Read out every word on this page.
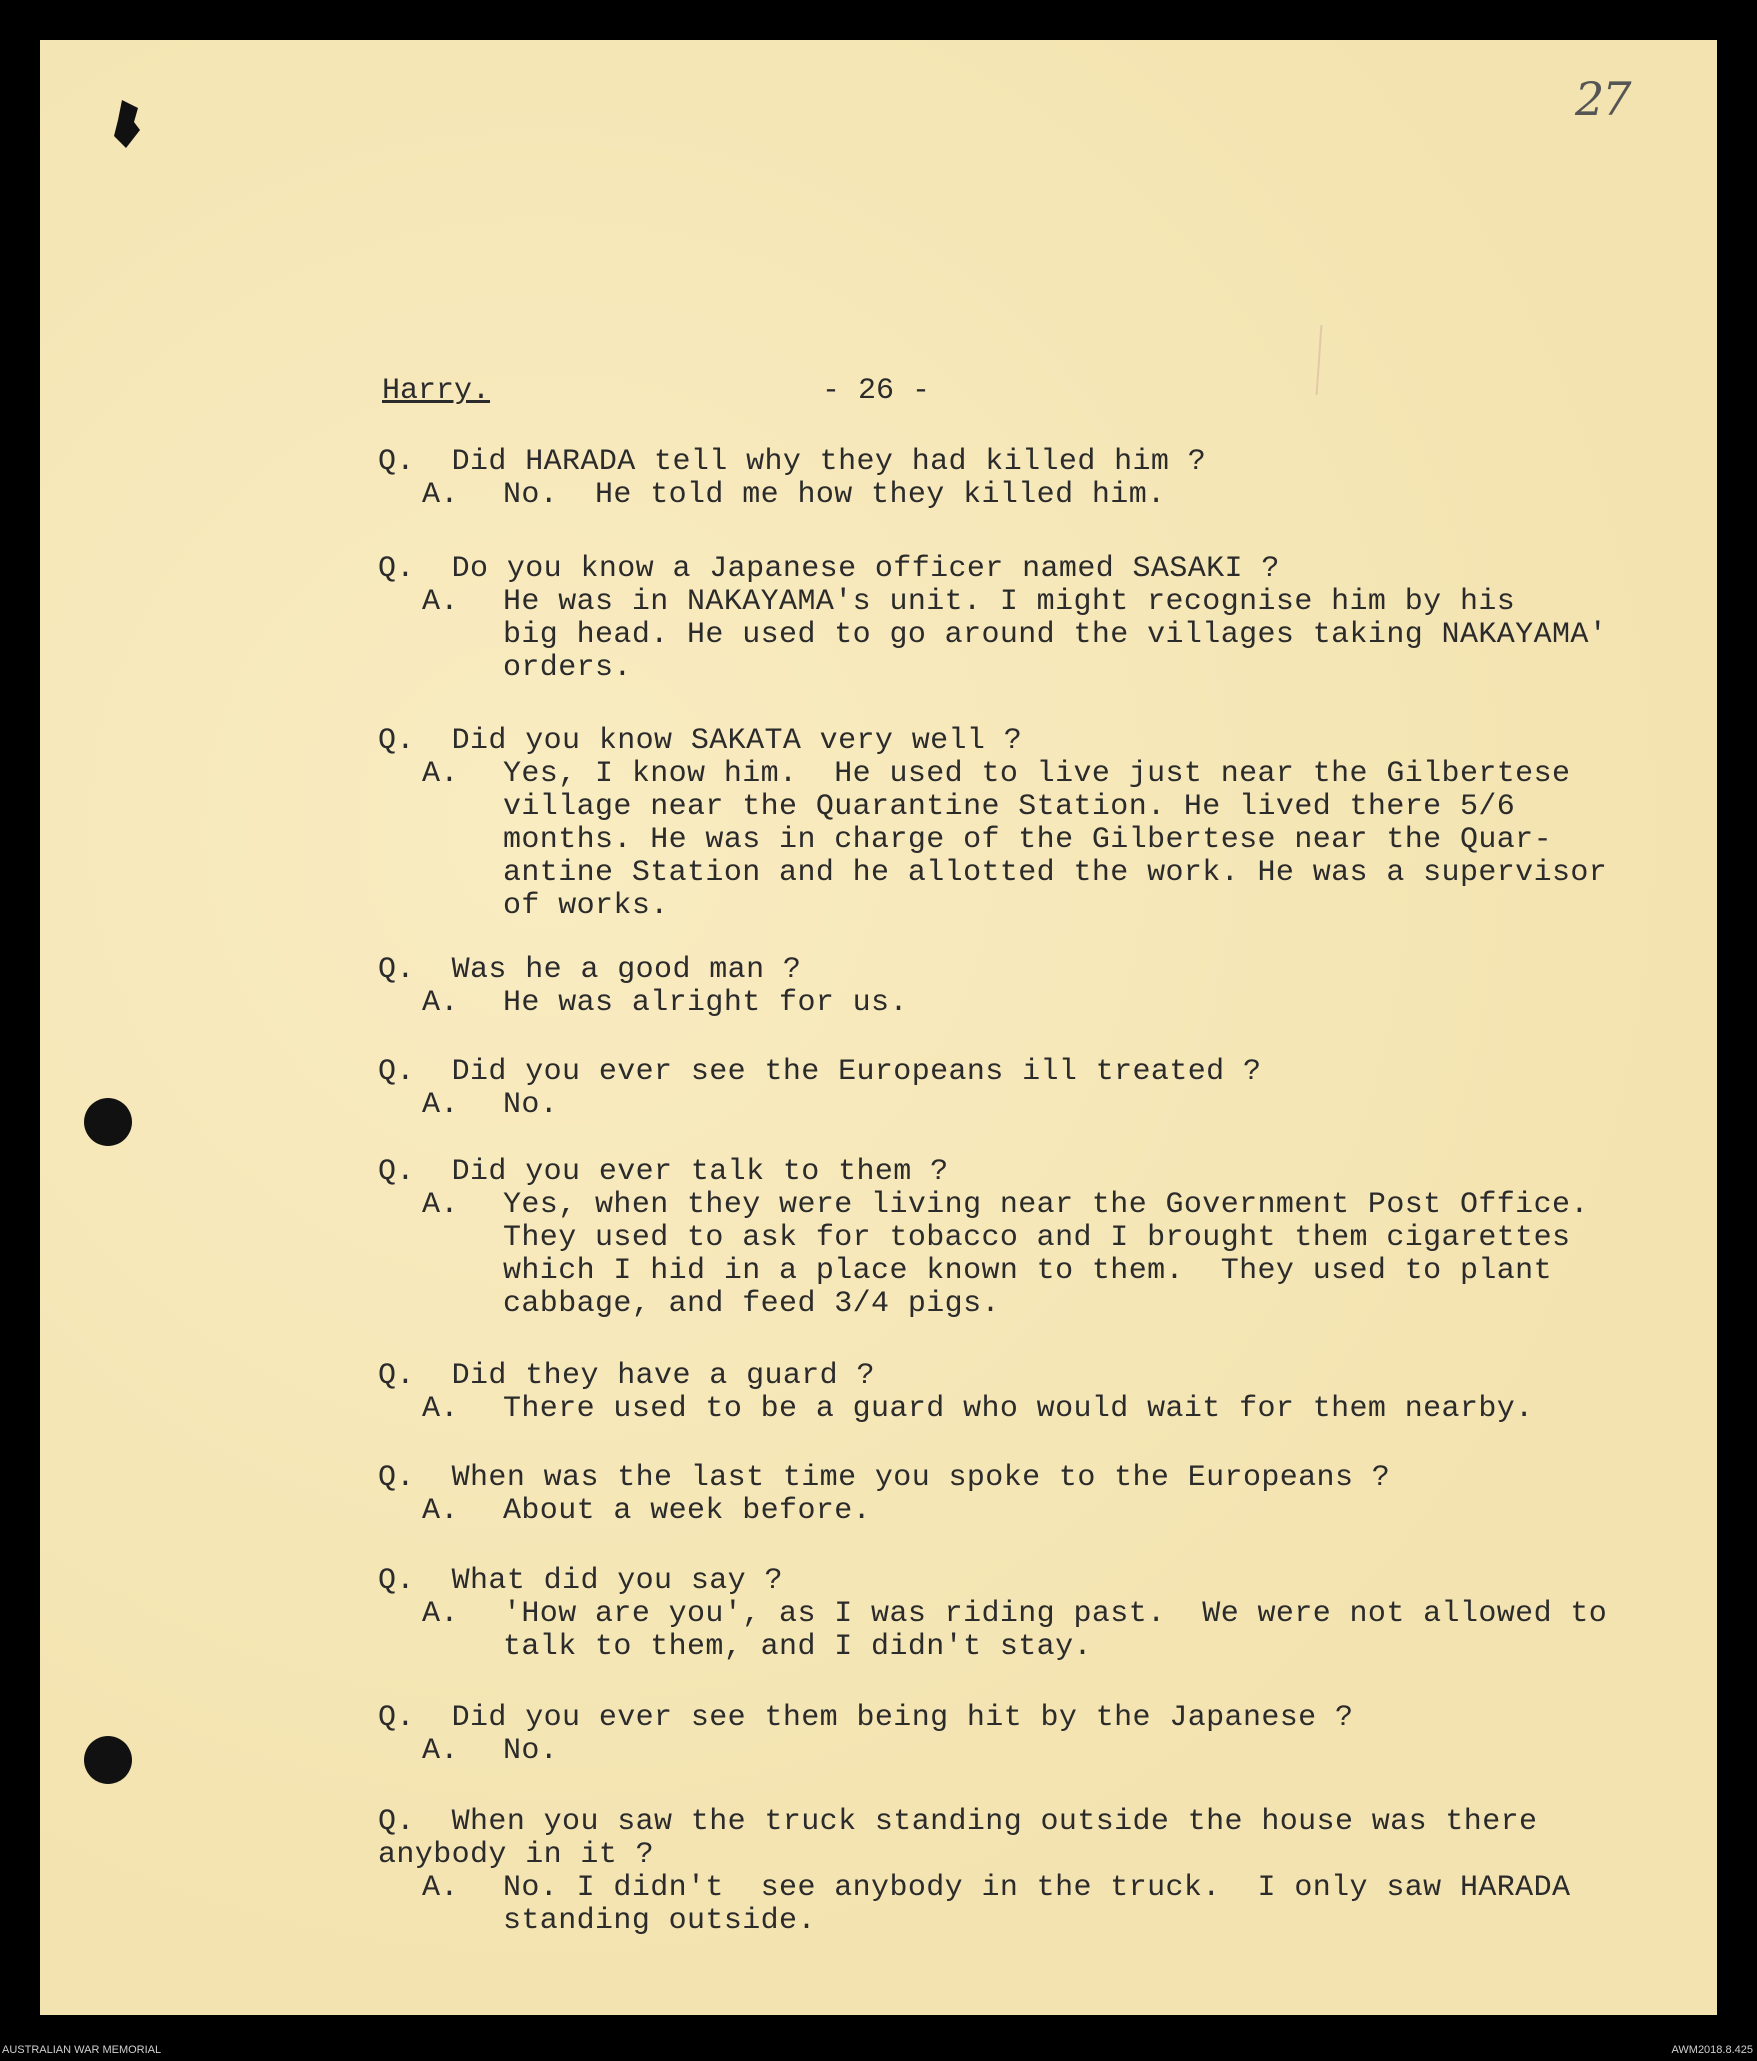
27
Harry.	- 26 -
Q.  Did HARADA tell why they had killed him ?
A.	No.  He told me how they killed him.
Q.  Do you know a Japanese officer named SASAKI ?
A.	He was in NAKAYAMA's unit. I might recognise him by his
big head. He used to go around the villages taking NAKAYAMA'
orders.
Q.  Did you know SAKATA very well ?
A.	Yes, I know him.  He used to live just near the Gilbertese
village near the Quarantine Station. He lived there 5/6
months. He was in charge of the Gilbertese near the Quar-
antine Station and he allotted the work. He was a supervisor
of works.
Q.  Was he a good man ?
A.	He was alright for us.
Q.  Did you ever see the Europeans ill treated ?
A.	No.
Q.  Did you ever talk to them ?
A.	Yes, when they were living near the Government Post Office.
They used to ask for tobacco and I brought them cigarettes
which I hid in a place known to them.  They used to plant
cabbage, and feed 3/4 pigs.
Q.  Did they have a guard ?
A.	There used to be a guard who would wait for them nearby.
Q.  When was the last time you spoke to the Europeans ?
A.	About a week before.
Q.  What did you say ?
A.	'How are you', as I was riding past.  We were not allowed to
talk to them, and I didn't stay.
Q.  Did you ever see them being hit by the Japanese ?
A.	No.
Q.  When you saw the truck standing outside the house was there
anybody in it ?
A.	No. I didn't  see anybody in the truck.  I only saw HARADA
standing outside.
AUSTRALIAN WAR MEMORIAL	AWM2018.8.425
